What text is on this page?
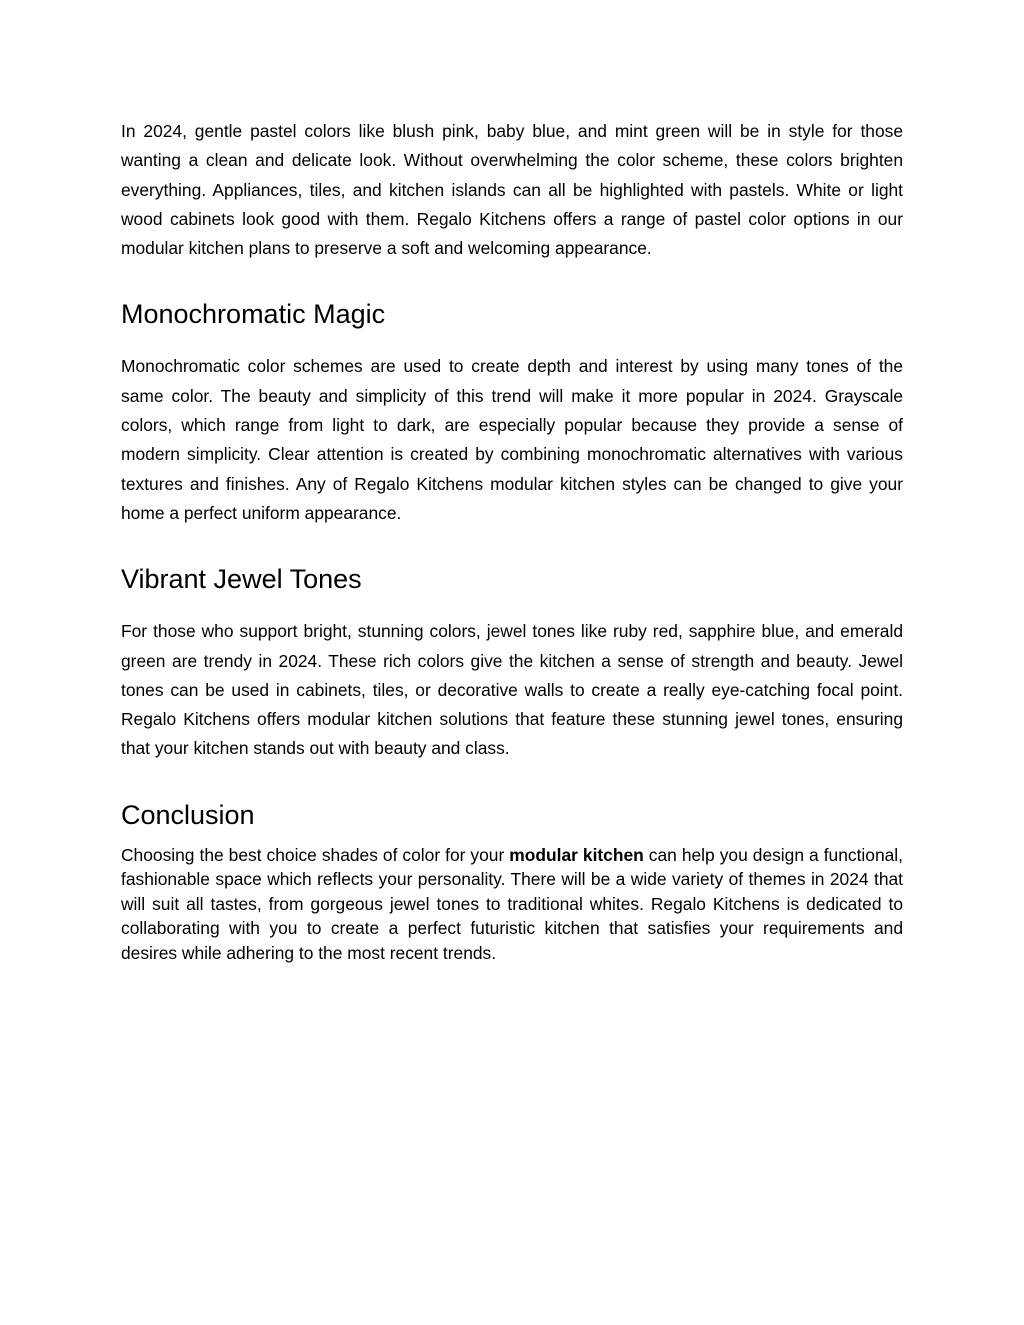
In 2024, gentle pastel colors like blush pink, baby blue, and mint green will be in style for those wanting a clean and delicate look. Without overwhelming the color scheme, these colors brighten everything. Appliances, tiles, and kitchen islands can all be highlighted with pastels. White or light wood cabinets look good with them. Regalo Kitchens offers a range of pastel color options in our modular kitchen plans to preserve a soft and welcoming appearance.

Monochromatic Magic

Monochromatic color schemes are used to create depth and interest by using many tones of the same color. The beauty and simplicity of this trend will make it more popular in 2024. Grayscale colors, which range from light to dark, are especially popular because they provide a sense of modern simplicity. Clear attention is created by combining monochromatic alternatives with various textures and finishes. Any of Regalo Kitchens modular kitchen styles can be changed to give your home a perfect uniform appearance.

Vibrant Jewel Tones

For those who support bright, stunning colors, jewel tones like ruby red, sapphire blue, and emerald green are trendy in 2024. These rich colors give the kitchen a sense of strength and beauty. Jewel tones can be used in cabinets, tiles, or decorative walls to create a really eye-catching focal point. Regalo Kitchens offers modular kitchen solutions that feature these stunning jewel tones, ensuring that your kitchen stands out with beauty and class.

Conclusion

Choosing the best choice shades of color for your modular kitchen can help you design a functional, fashionable space which reflects your personality. There will be a wide variety of themes in 2024 that will suit all tastes, from gorgeous jewel tones to traditional whites. Regalo Kitchens is dedicated to collaborating with you to create a perfect futuristic kitchen that satisfies your requirements and desires while adhering to the most recent trends.
